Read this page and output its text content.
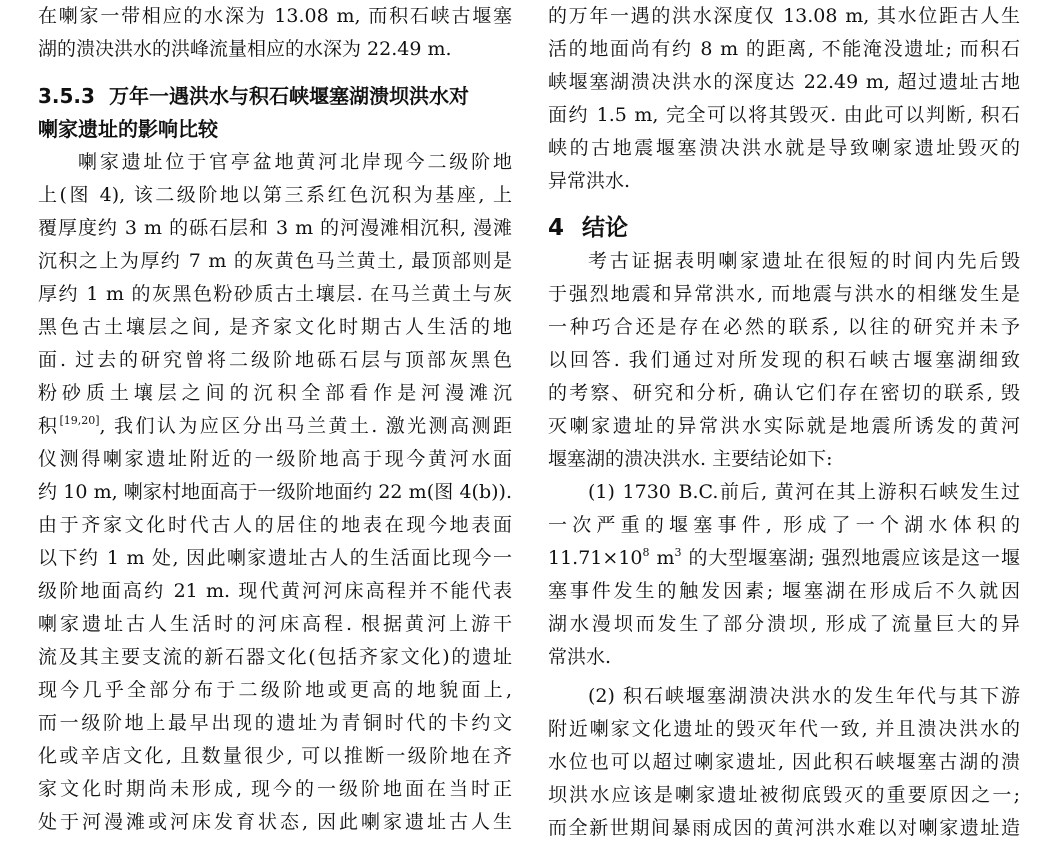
在喇家一带相应的水深为 13.08 m, 而积石峡古堰塞
湖的溃决洪水的洪峰流量相应的水深为 22.49 m.
3.5.3 万年一遇洪水与积石峡堰塞湖溃坝洪水对
喇家遗址的影响比较
喇家遗址位于官亭盆地黄河北岸现今二级阶地
上(图 4), 该二级阶地以第三系红色沉积为基座, 上
覆厚度约 3 m 的砾石层和 3 m 的河漫滩相沉积, 漫滩
沉积之上为厚约 7 m 的灰黄色马兰黄土, 最顶部则是
厚约 1 m 的灰黑色粉砂质古土壤层. 在马兰黄土与灰
黑色古土壤层之间, 是齐家文化时期古人生活的地
面. 过去的研究曾将二级阶地砾石层与顶部灰黑色
粉砂质土壤层之间的沉积全部看作是河漫滩沉
积[19,20], 我们认为应区分出马兰黄土. 激光测高测距
仪测得喇家遗址附近的一级阶地高于现今黄河水面
约 10 m, 喇家村地面高于一级阶地面约 22 m(图 4(b)).
由于齐家文化时代古人的居住的地表在现今地表面
以下约 1 m 处, 因此喇家遗址古人的生活面比现今一
级阶地面高约 21 m. 现代黄河河床高程并不能代表
喇家遗址古人生活时的河床高程. 根据黄河上游干
流及其主要支流的新石器文化(包括齐家文化)的遗址
现今几乎全部分布于二级阶地或更高的地貌面上,
而一级阶地上最早出现的遗址为青铜时代的卡约文
化或辛店文化, 且数量很少, 可以推断一级阶地在齐
家文化时期尚未形成, 现今的一级阶地面在当时正
处于河漫滩或河床发育状态, 因此喇家遗址古人生
的万年一遇的洪水深度仅 13.08 m, 其水位距古人生
活的地面尚有约 8 m 的距离, 不能淹没遗址; 而积石
峡堰塞湖溃决洪水的深度达 22.49 m, 超过遗址古地
面约 1.5 m, 完全可以将其毁灭. 由此可以判断, 积石
峡的古地震堰塞溃决洪水就是导致喇家遗址毁灭的
异常洪水.
4 结论
考古证据表明喇家遗址在很短的时间内先后毁
于强烈地震和异常洪水, 而地震与洪水的相继发生是
一种巧合还是存在必然的联系, 以往的研究并未予
以回答. 我们通过对所发现的积石峡古堰塞湖细致
的考察、研究和分析, 确认它们存在密切的联系, 毁
灭喇家遗址的异常洪水实际就是地震所诱发的黄河
堰塞湖的溃决洪水. 主要结论如下:
(1) 1730 B.C.前后, 黄河在其上游积石峡发生过
一次严重的堰塞事件, 形成了一个湖水体积的
$11.71\times 10^8$ $m^3$ 的大型堰塞湖; 强烈地震应该是这一堰
塞事件发生的触发因素; 堰塞湖在形成后不久就因
湖水漫坝而发生了部分溃坝, 形成了流量巨大的异
常洪水.
(2) 积石峡堰塞湖溃决洪水的发生年代与其下游
附近喇家文化遗址的毁灭年代一致, 并且溃决洪水的
水位也可以超过喇家遗址, 因此积石峡堰塞古湖的溃
坝洪水应该是喇家遗址被彻底毁灭的重要原因之一;
而全新世期间暴雨成因的黄河洪水难以对喇家遗址造
